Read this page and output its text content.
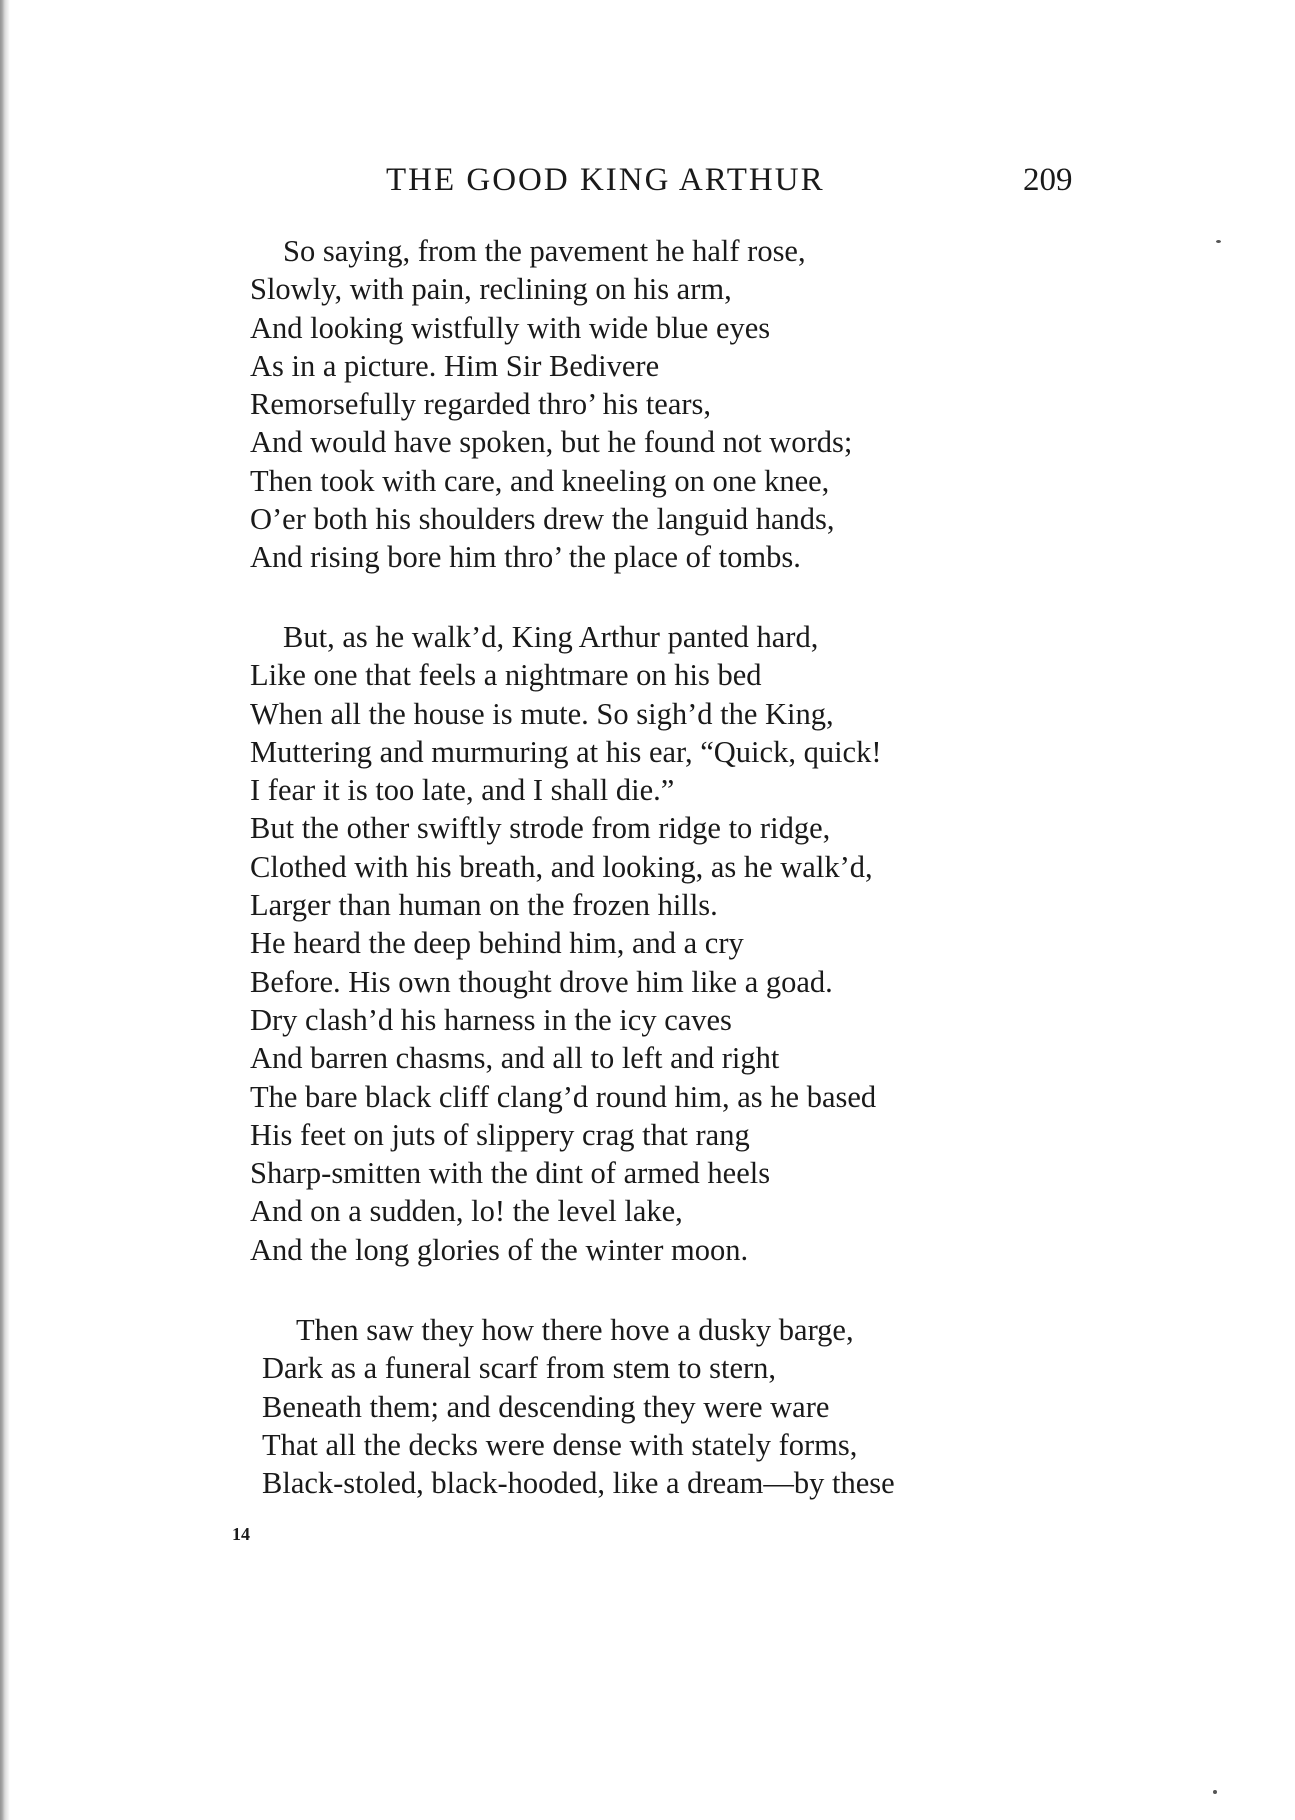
THE GOOD KING ARTHUR	209
So saying, from the pavement he half rose,
Slowly, with pain, reclining on his arm,
And looking wistfully with wide blue eyes
As in a picture. Him Sir Bedivere
Remorsefully regarded thro’ his tears,
And would have spoken, but he found not words;
Then took with care, and kneeling on one knee,
O’er both his shoulders drew the languid hands,
And rising bore him thro’ the place of tombs.
But, as he walk’d, King Arthur panted hard,
Like one that feels a nightmare on his bed
When all the house is mute. So sigh’d the King,
Muttering and murmuring at his ear, “Quick, quick!
I fear it is too late, and I shall die.”
But the other swiftly strode from ridge to ridge,
Clothed with his breath, and looking, as he walk’d,
Larger than human on the frozen hills.
He heard the deep behind him, and a cry
Before. His own thought drove him like a goad.
Dry clash’d his harness in the icy caves
And barren chasms, and all to left and right
The bare black cliff clang’d round him, as he based
His feet on juts of slippery crag that rang
Sharp-smitten with the dint of armed heels
And on a sudden, lo! the level lake,
And the long glories of the winter moon.
Then saw they how there hove a dusky barge,
Dark as a funeral scarf from stem to stern,
Beneath them; and descending they were ware
That all the decks were dense with stately forms,
Black-stoled, black-hooded, like a dream—by these
14
